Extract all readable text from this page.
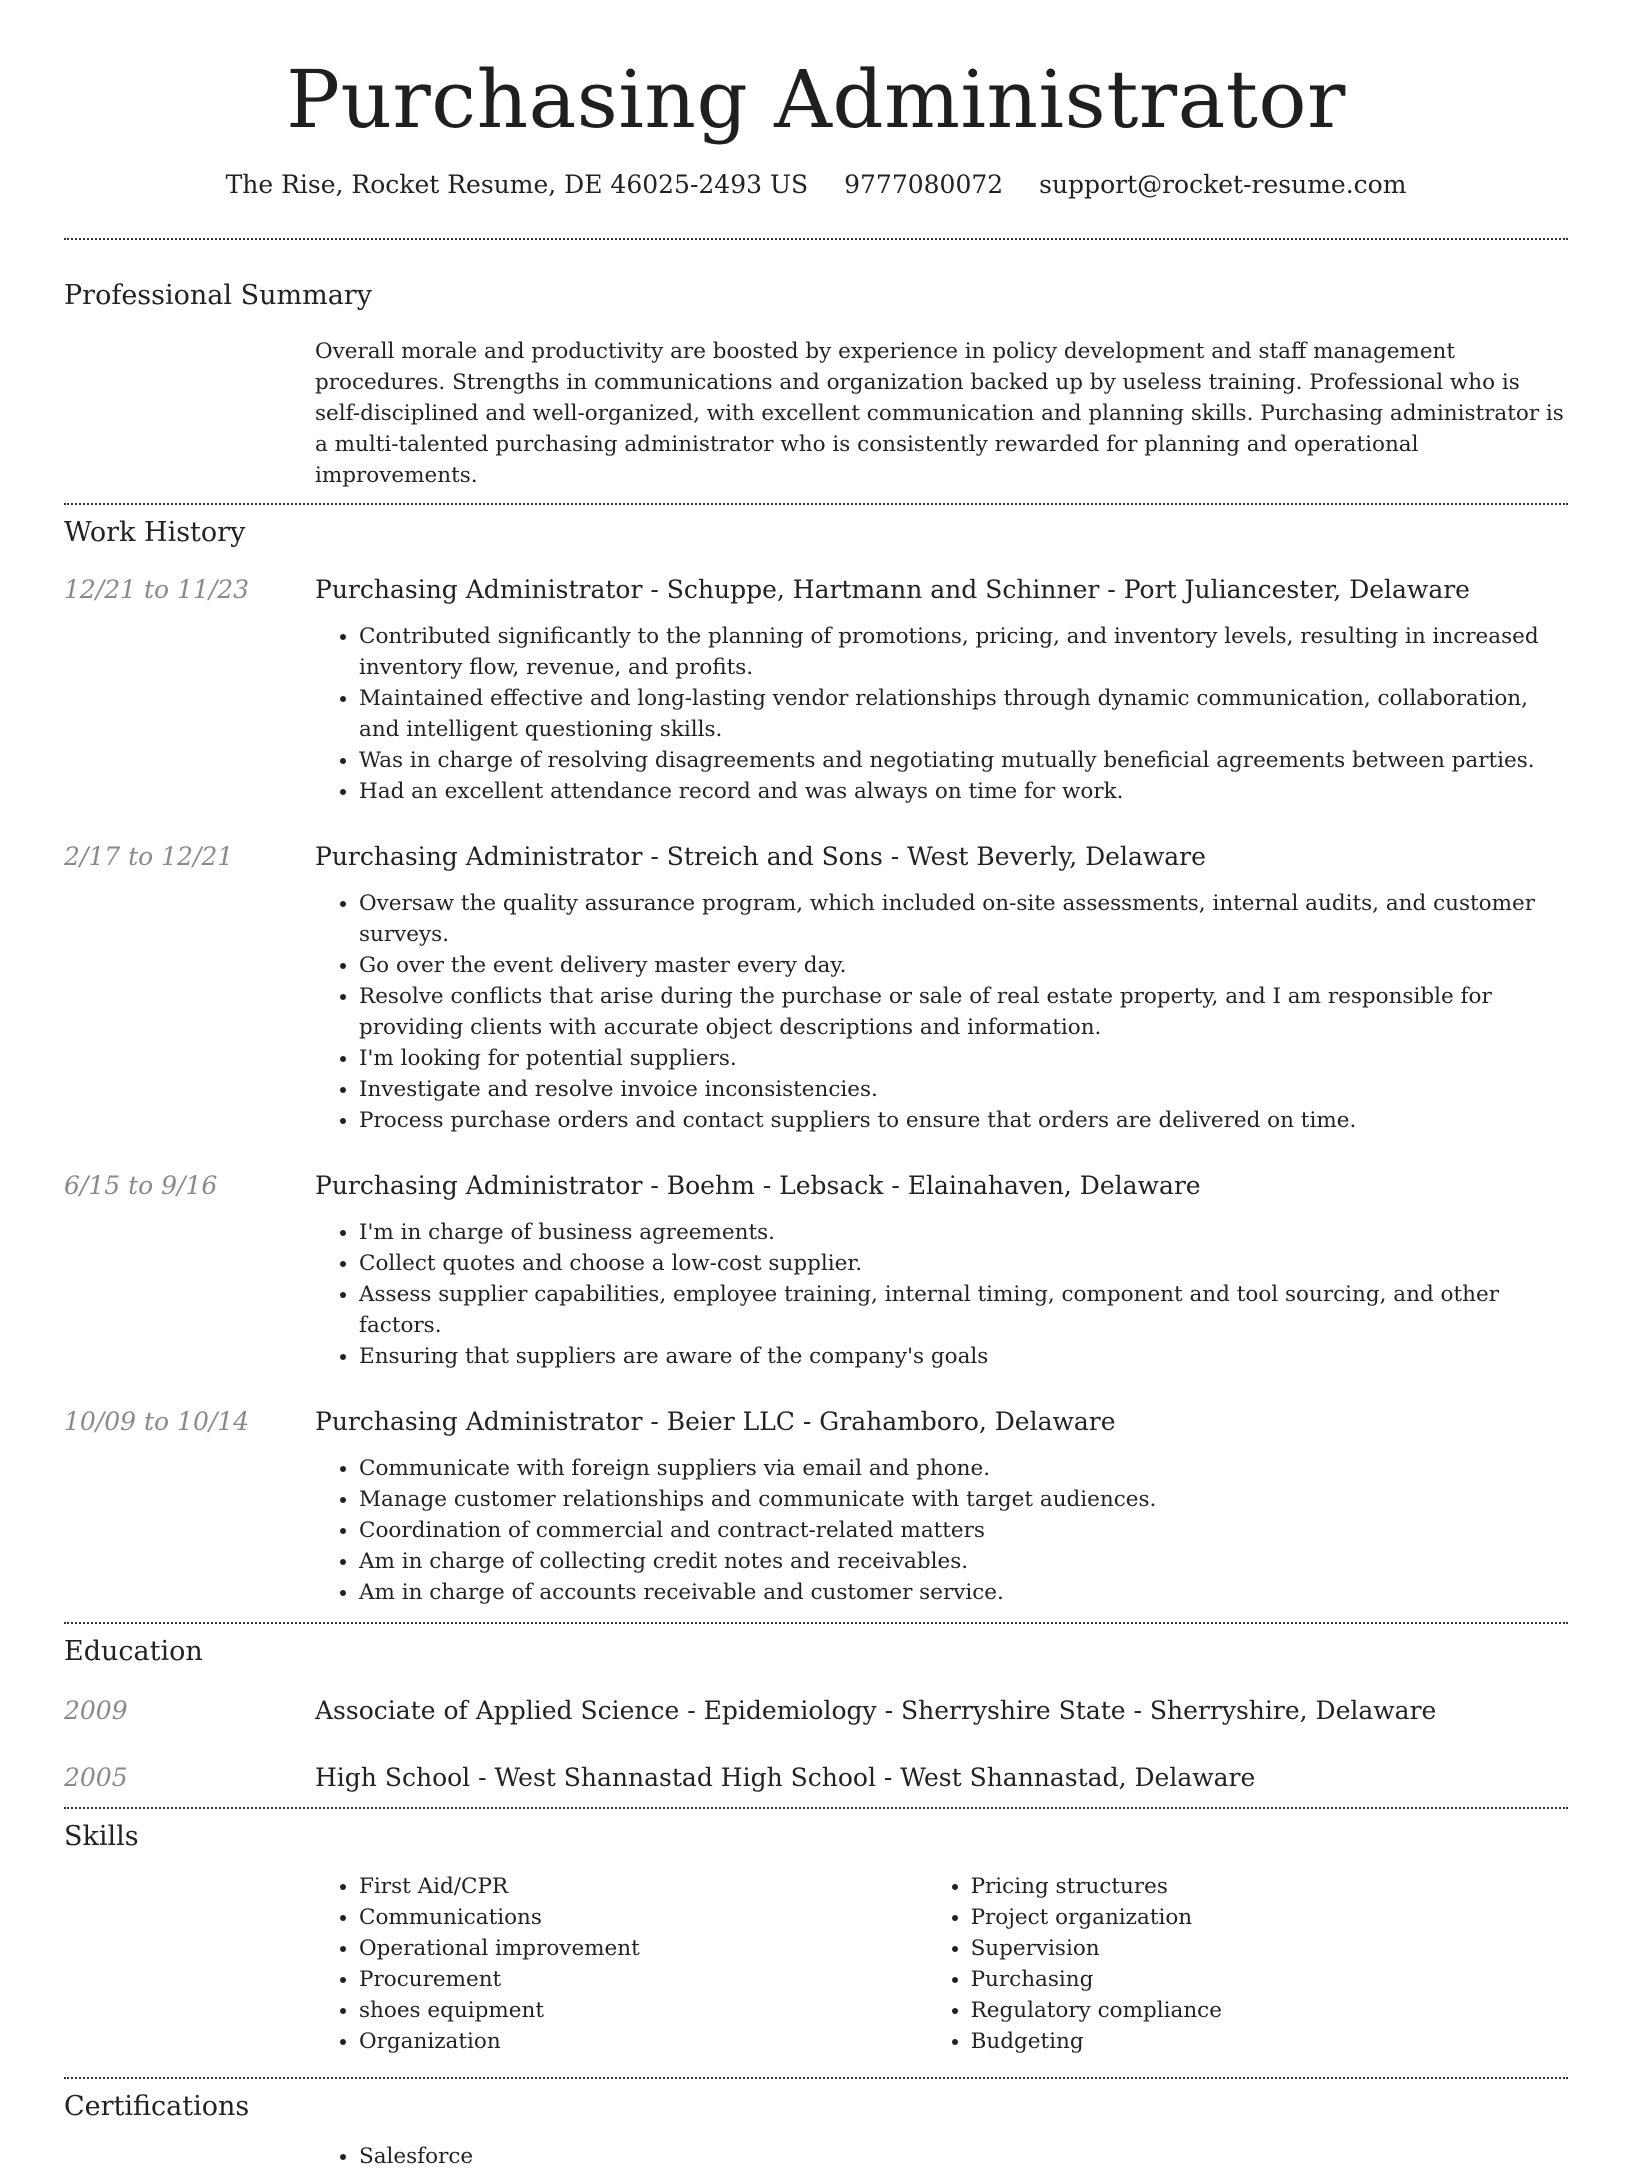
Purchasing Administrator
The Rise, Rocket Resume, DE 46025-2493 US 9777080072 support@rocket-resume.com
Professional Summary
Overall morale and productivity are boosted by experience in policy development and staff management procedures. Strengths in communications and organization backed up by useless training. Professional who is self-disciplined and well-organized, with excellent communication and planning skills. Purchasing administrator is a multi-talented purchasing administrator who is consistently rewarded for planning and operational improvements.
Work History
12/21 to 11/23	Purchasing Administrator - Schuppe, Hartmann and Schinner - Port Juliancester, Delaware
• Contributed significantly to the planning of promotions, pricing, and inventory levels, resulting in increased inventory flow, revenue, and profits.
• Maintained effective and long-lasting vendor relationships through dynamic communication, collaboration, and intelligent questioning skills.
• Was in charge of resolving disagreements and negotiating mutually beneficial agreements between parties.
• Had an excellent attendance record and was always on time for work.
2/17 to 12/21	Purchasing Administrator - Streich and Sons - West Beverly, Delaware
• Oversaw the quality assurance program, which included on-site assessments, internal audits, and customer surveys.
• Go over the event delivery master every day.
• Resolve conflicts that arise during the purchase or sale of real estate property, and I am responsible for providing clients with accurate object descriptions and information.
• I'm looking for potential suppliers.
• Investigate and resolve invoice inconsistencies.
• Process purchase orders and contact suppliers to ensure that orders are delivered on time.
6/15 to 9/16	Purchasing Administrator - Boehm - Lebsack - Elainahaven, Delaware
• I'm in charge of business agreements.
• Collect quotes and choose a low-cost supplier.
• Assess supplier capabilities, employee training, internal timing, component and tool sourcing, and other factors.
• Ensuring that suppliers are aware of the company's goals
10/09 to 10/14	Purchasing Administrator - Beier LLC - Grahamboro, Delaware
• Communicate with foreign suppliers via email and phone.
• Manage customer relationships and communicate with target audiences.
• Coordination of commercial and contract-related matters
• Am in charge of collecting credit notes and receivables.
• Am in charge of accounts receivable and customer service.
Education
2009	Associate of Applied Science - Epidemiology - Sherryshire State - Sherryshire, Delaware
2005	High School - West Shannastad High School - West Shannastad, Delaware
Skills
• First Aid/CPR
• Communications
• Operational improvement
• Procurement
• shoes equipment
• Organization
• Pricing structures
• Project organization
• Supervision
• Purchasing
• Regulatory compliance
• Budgeting
Certifications
• Salesforce
